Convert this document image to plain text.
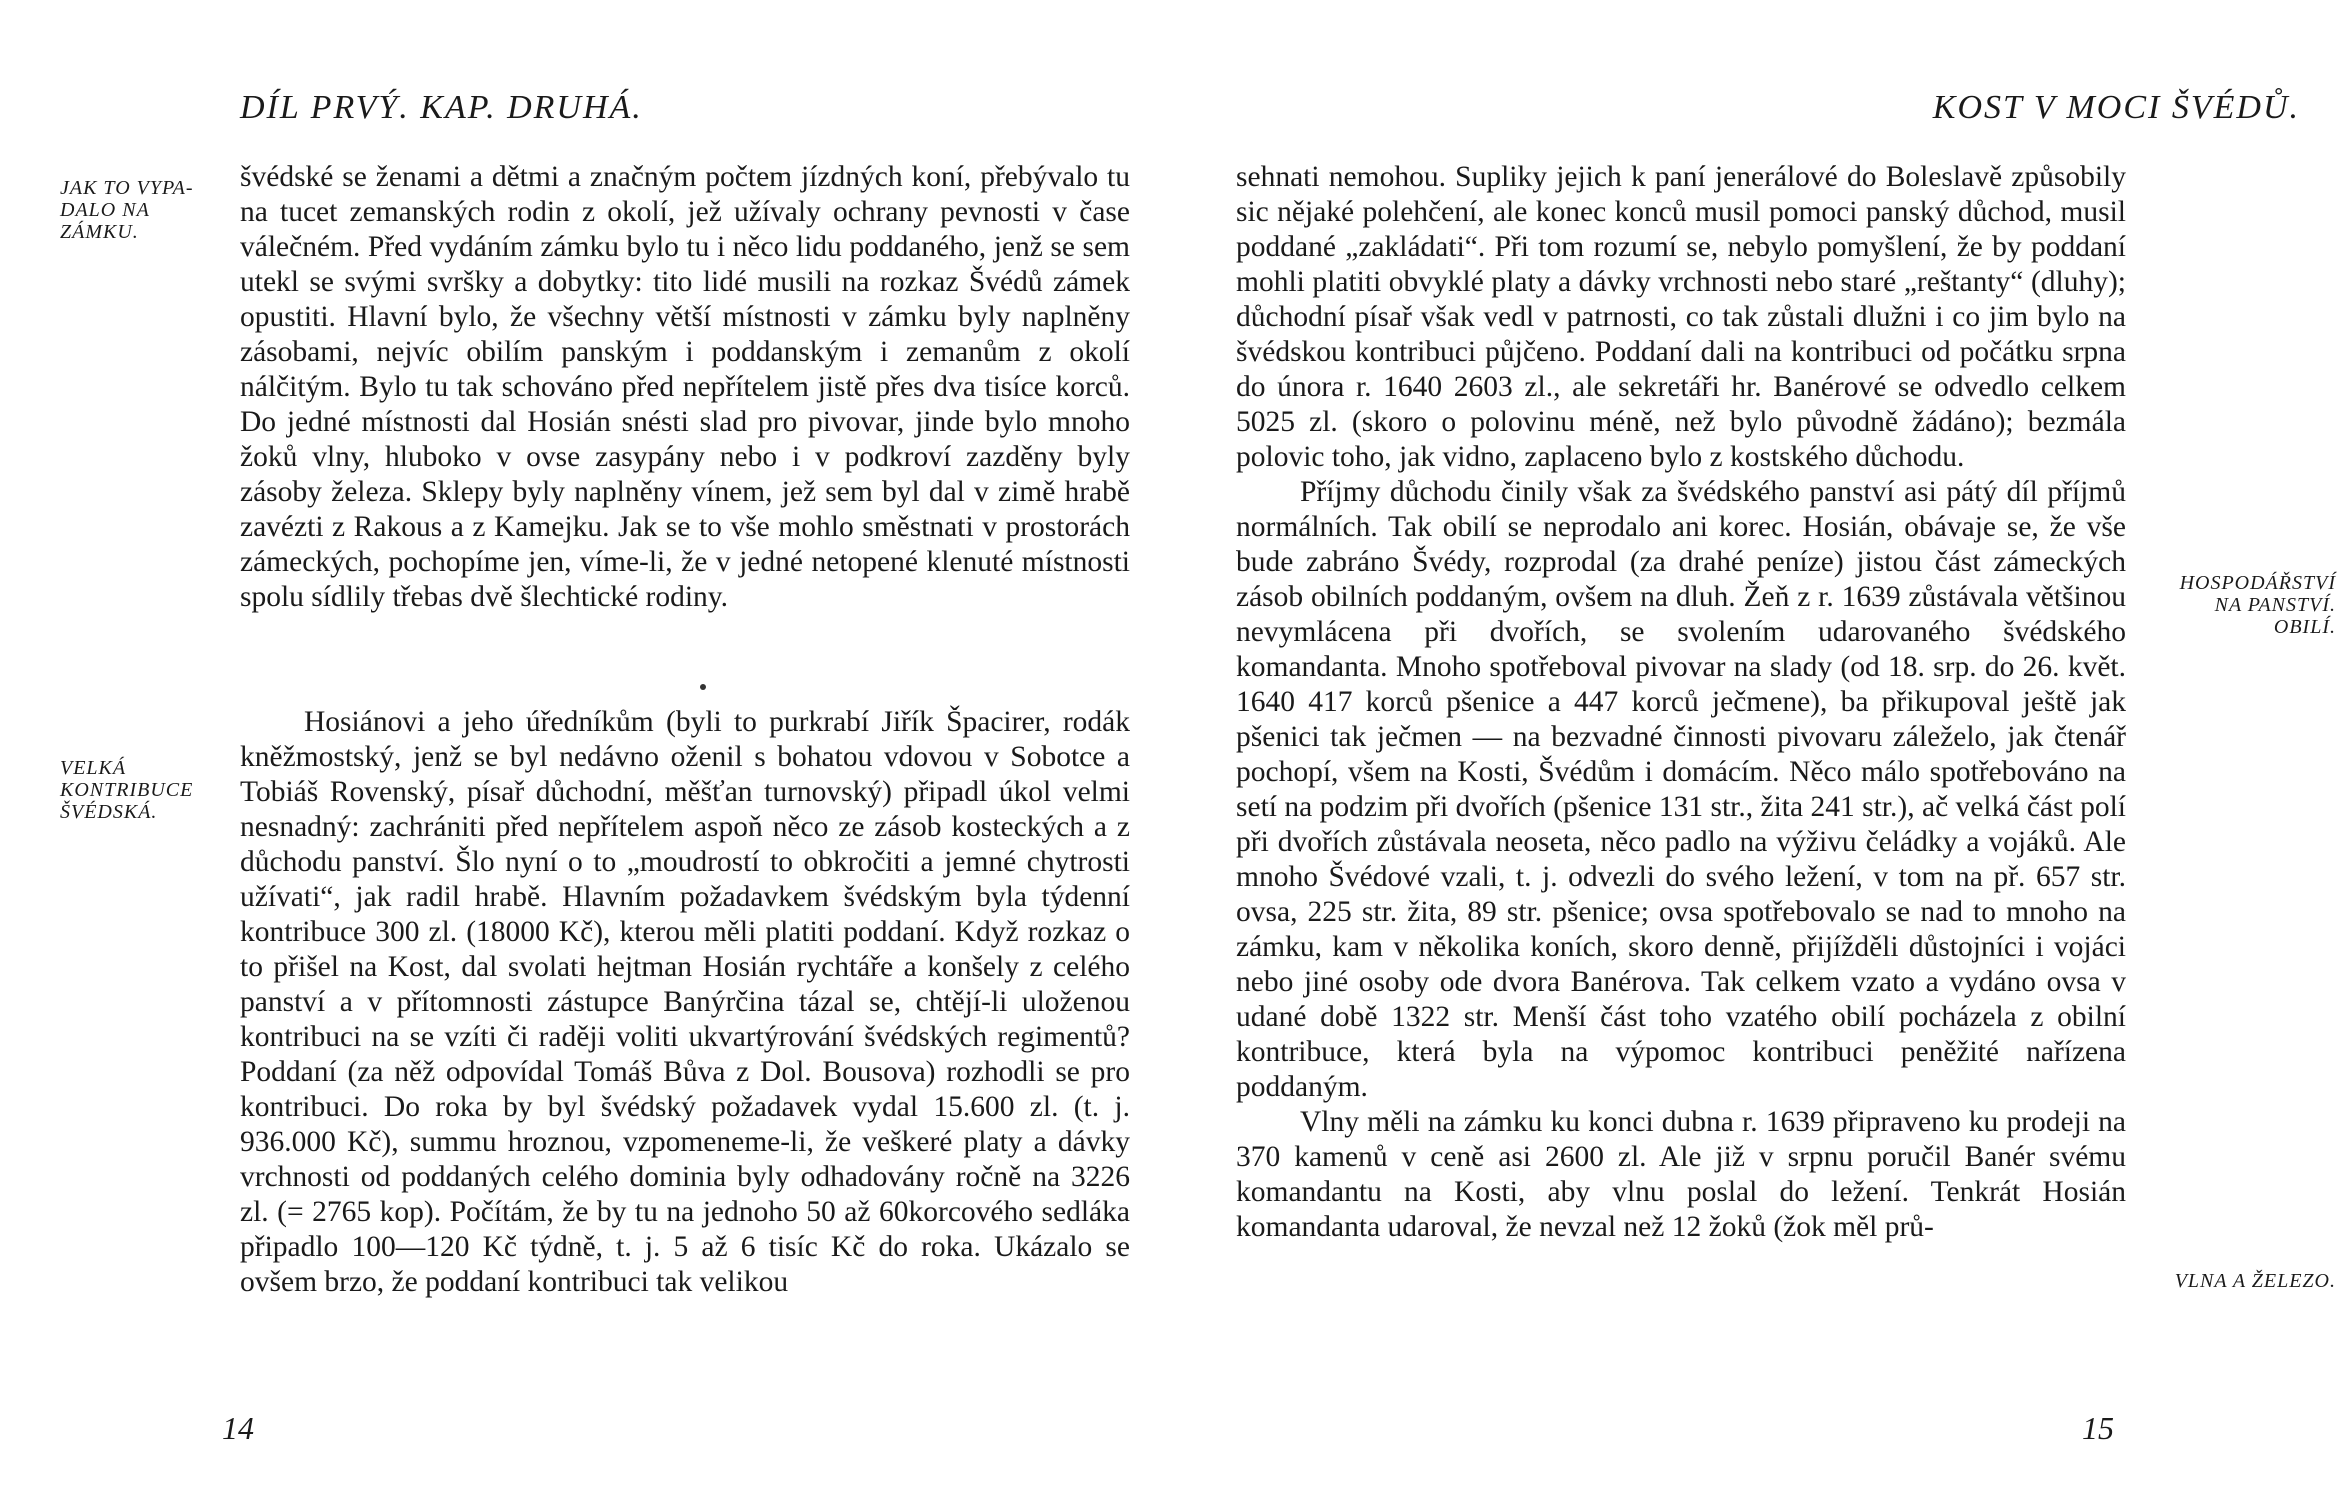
DÍL PRVÝ. KAP. DRUHÁ.
JAK TO VYPA-DALO NA ZÁMKU.
VELKÁ KONTRIBUCE ŠVÉDSKÁ.

švédské se ženami a dětmi a značným počtem jízdných koní, přebývalo tu na tucet zemanských rodin z okolí, jež užívaly ochrany pevnosti v čase válečném. Před vydáním zámku bylo tu i něco lidu poddaného, jenž se sem utekl se svými svršky a dobytky: tito lidé musili na rozkaz Švédů zámek opustiti. Hlavní bylo, že všechny větší místnosti v zámku byly naplněny zásobami, nejvíc obilím panským i poddanským i zemanům z okolí nálčitým. Bylo tu tak schováno před nepřítelem jistě přes dva tisíce korců. Do jedné místnosti dal Hosián snésti slad pro pivovar, jinde bylo mnoho žoků vlny, hluboko v ovse zasypány nebo i v podkroví zazděny byly zásoby železa. Sklepy byly naplněny vínem, jež sem byl dal v zimě hrabě zavézti z Rakous a z Kamejku. Jak se to vše mohlo směstnati v prostorách zámeckých, pochopíme jen, víme-li, že v jedné netopené klenuté místnosti spolu sídlily třebas dvě šlechtické rodiny.

Hosiánovi a jeho úředníkům (byli to purkrabí Jiřík Špacirer, rodák kněžmostský, jenž se byl nedávno oženil s bohatou vdovou v Sobotce a Tobiáš Rovenský, písař důchodní, měšťan turnovský) připadl úkol velmi nesnadný: zachrániti před nepřítelem aspoň něco ze zásob kosteckých a z důchodu panství. Šlo nyní o to „moudrostí to obkročiti a jemné chytrosti užívati“, jak radil hrabě. Hlavním požadavkem švédským byla týdenní kontribuce 300 zl. (18000 Kč), kterou měli platiti poddaní. Když rozkaz o to přišel na Kost, dal svolati hejtman Hosián rychtáře a konšely z celého panství a v přítomnosti zástupce Banýrčina tázal se, chtějí-li uloženou kontribuci na se vzíti či raději voliti ukvartýrování švédských regimentů? Poddaní (za něž odpovídal Tomáš Bůva z Dol. Bousova) rozhodli se pro kontribuci. Do roka by byl švédský požadavek vydal 15.600 zl. (t. j. 936.000 Kč), summu hroznou, vzpomeneme-li, že veškeré platy a dávky vrchnosti od poddaných celého dominia byly odhadovány ročně na 3226 zl. (= 2765 kop). Počítám, že by tu na jednoho 50 až 60korcového sedláka připadlo 100—120 Kč týdně, t. j. 5 až 6 tisíc Kč do roka. Ukázalo se ovšem brzo, že poddaní kontribuci tak velikou

14
KOST V MOCI ŠVÉDŮ.
HOSPODÁŘSTVÍ NA PANSTVÍ. OBILÍ.
VLNA A ŽELEZO.

sehnati nemohou. Supliky jejich k paní jenerálové do Boleslavě způsobily sic nějaké polehčení, ale konec konců musil pomoci panský důchod, musil poddané „zakládati“. Při tom rozumí se, nebylo pomyšlení, že by poddaní mohli platiti obvyklé platy a dávky vrchnosti nebo staré „reštanty“ (dluhy); důchodní písař však vedl v patrnosti, co tak zůstali dlužni i co jim bylo na švédskou kontribuci půjčeno. Poddaní dali na kontribuci od počátku srpna do února r. 1640 2603 zl., ale sekretáři hr. Banérové se odvedlo celkem 5025 zl. (skoro o polovinu méně, než bylo původně žádáno); bezmála polovic toho, jak vidno, zaplaceno bylo z kostského důchodu.

Příjmy důchodu činily však za švédského panství asi pátý díl příjmů normálních. Tak obilí se neprodalo ani korec. Hosián, obávaje se, že vše bude zabráno Švédy, rozprodal (za drahé peníze) jistou část zámeckých zásob obilních poddaným, ovšem na dluh. Žeň z r. 1639 zůstávala většinou nevymlácena při dvořích, se svolením udarovaného švédského komandanta. Mnoho spotřeboval pivovar na slady (od 18. srp. do 26. květ. 1640 417 korců pšenice a 447 korců ječmene), ba přikupoval ještě jak pšenici tak ječmen — na bezvadné činnosti pivovaru záleželo, jak čtenář pochopí, všem na Kosti, Švédům i domácím. Něco málo spotřebováno na setí na podzim při dvořích (pšenice 131 str., žita 241 str.), ač velká část polí při dvořích zůstávala neoseta, něco padlo na výživu čeládky a vojáků. Ale mnoho Švédové vzali, t. j. odvezli do svého ležení, v tom na př. 657 str. ovsa, 225 str. žita, 89 str. pšenice; ovsa spotřebovalo se nad to mnoho na zámku, kam v několika koních, skoro denně, přijížděli důstojníci i vojáci nebo jiné osoby ode dvora Banérova. Tak celkem vzato a vydáno ovsa v udané době 1322 str. Menší část toho vzatého obilí pocházela z obilní kontribuce, která byla na výpomoc kontribuci peněžité nařízena poddaným.

Vlny měli na zámku ku konci dubna r. 1639 připraveno ku prodeji na 370 kamenů v ceně asi 2600 zl. Ale již v srpnu poručil Banér svému komandantu na Kosti, aby vlnu poslal do ležení. Tenkrát Hosián komandanta udaroval, že nevzal než 12 žoků (žok měl prů-

15
